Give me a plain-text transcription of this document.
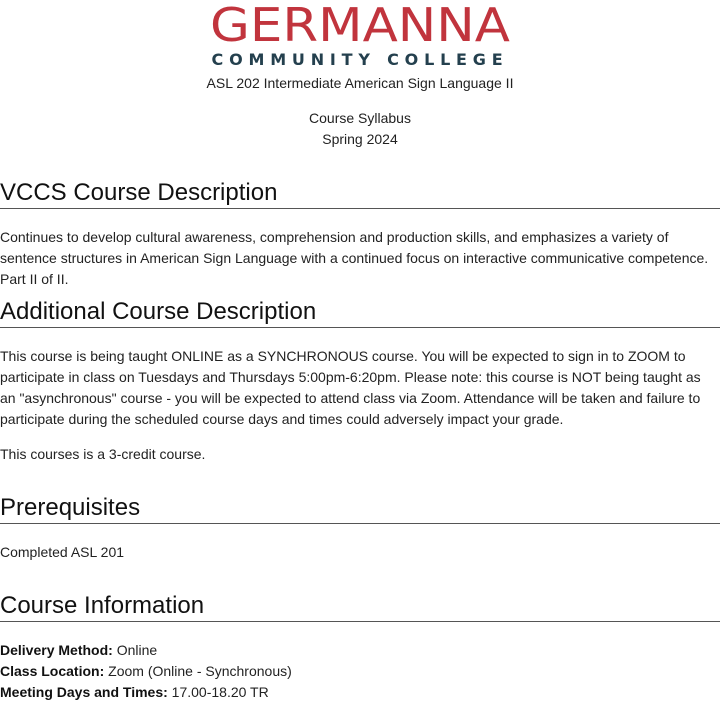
GERMANNA
COMMUNITY COLLEGE
ASL 202 Intermediate American Sign Language II
Course Syllabus
Spring 2024
VCCS Course Description

Continues to develop cultural awareness, comprehension and production skills, and emphasizes a variety of sentence structures in American Sign Language with a continued focus on interactive communicative competence. Part II of II.

Additional Course Description

This course is being taught ONLINE as a SYNCHRONOUS course. You will be expected to sign in to ZOOM to participate in class on Tuesdays and Thursdays 5:00pm-6:20pm. Please note: this course is NOT being taught as an "asynchronous" course - you will be expected to attend class via Zoom. Attendance will be taken and failure to participate during the scheduled course days and times could adversely impact your grade.

This courses is a 3-credit course.

Prerequisites

Completed ASL 201

Course Information
Delivery Method: Online
Class Location: Zoom (Online - Synchronous)
Meeting Days and Times: 17.00-18.20 TR
